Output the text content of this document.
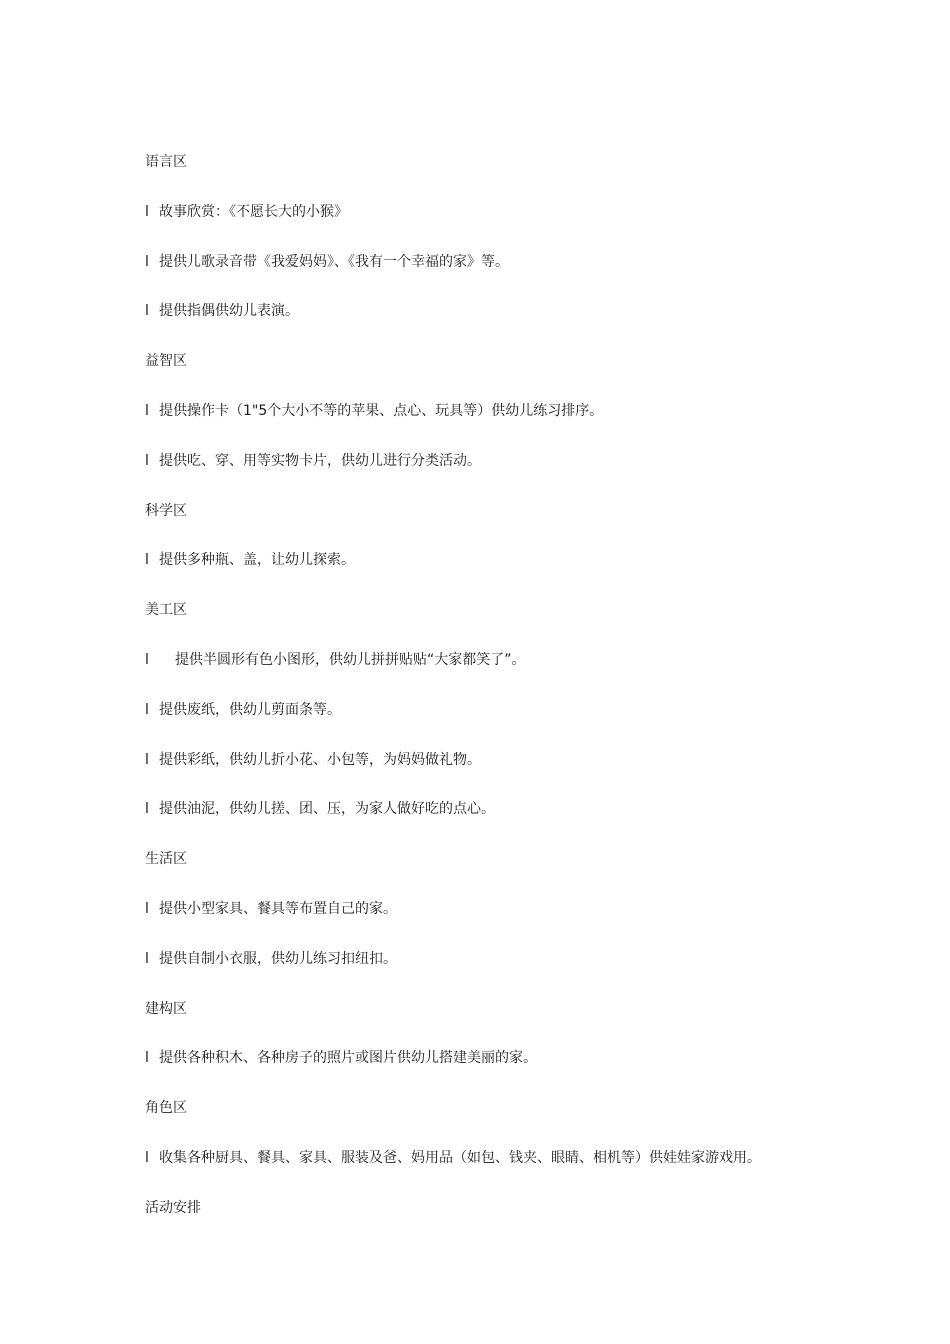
语言区
l 故事欣赏：《不愿长大的小猴》
l 提供儿歌录音带《我爱妈妈》、《我有一个幸福的家》等。
l 提供指偶供幼儿表演。
益智区
l 提供操作卡（1"5个大小不等的苹果、点心、玩具等）供幼儿练习排序。
l 提供吃、穿、用等实物卡片，供幼儿进行分类活动。
科学区
l 提供多种瓶、盖，让幼儿探索。
美工区
l 提供半圆形有色小图形，供幼儿拼拼贴贴“大家都笑了”。
l 提供废纸，供幼儿剪面条等。
l 提供彩纸，供幼儿折小花、小包等，为妈妈做礼物。
l 提供油泥，供幼儿搓、团、压，为家人做好吃的点心。
生活区
l 提供小型家具、餐具等布置自己的家。
l 提供自制小衣服，供幼儿练习扣纽扣。
建构区
l 提供各种积木、各种房子的照片或图片供幼儿搭建美丽的家。
角色区
l 收集各种厨具、餐具、家具、服装及爸、妈用品（如包、钱夹、眼睛、相机等）供娃娃家游戏用。
活动安排
